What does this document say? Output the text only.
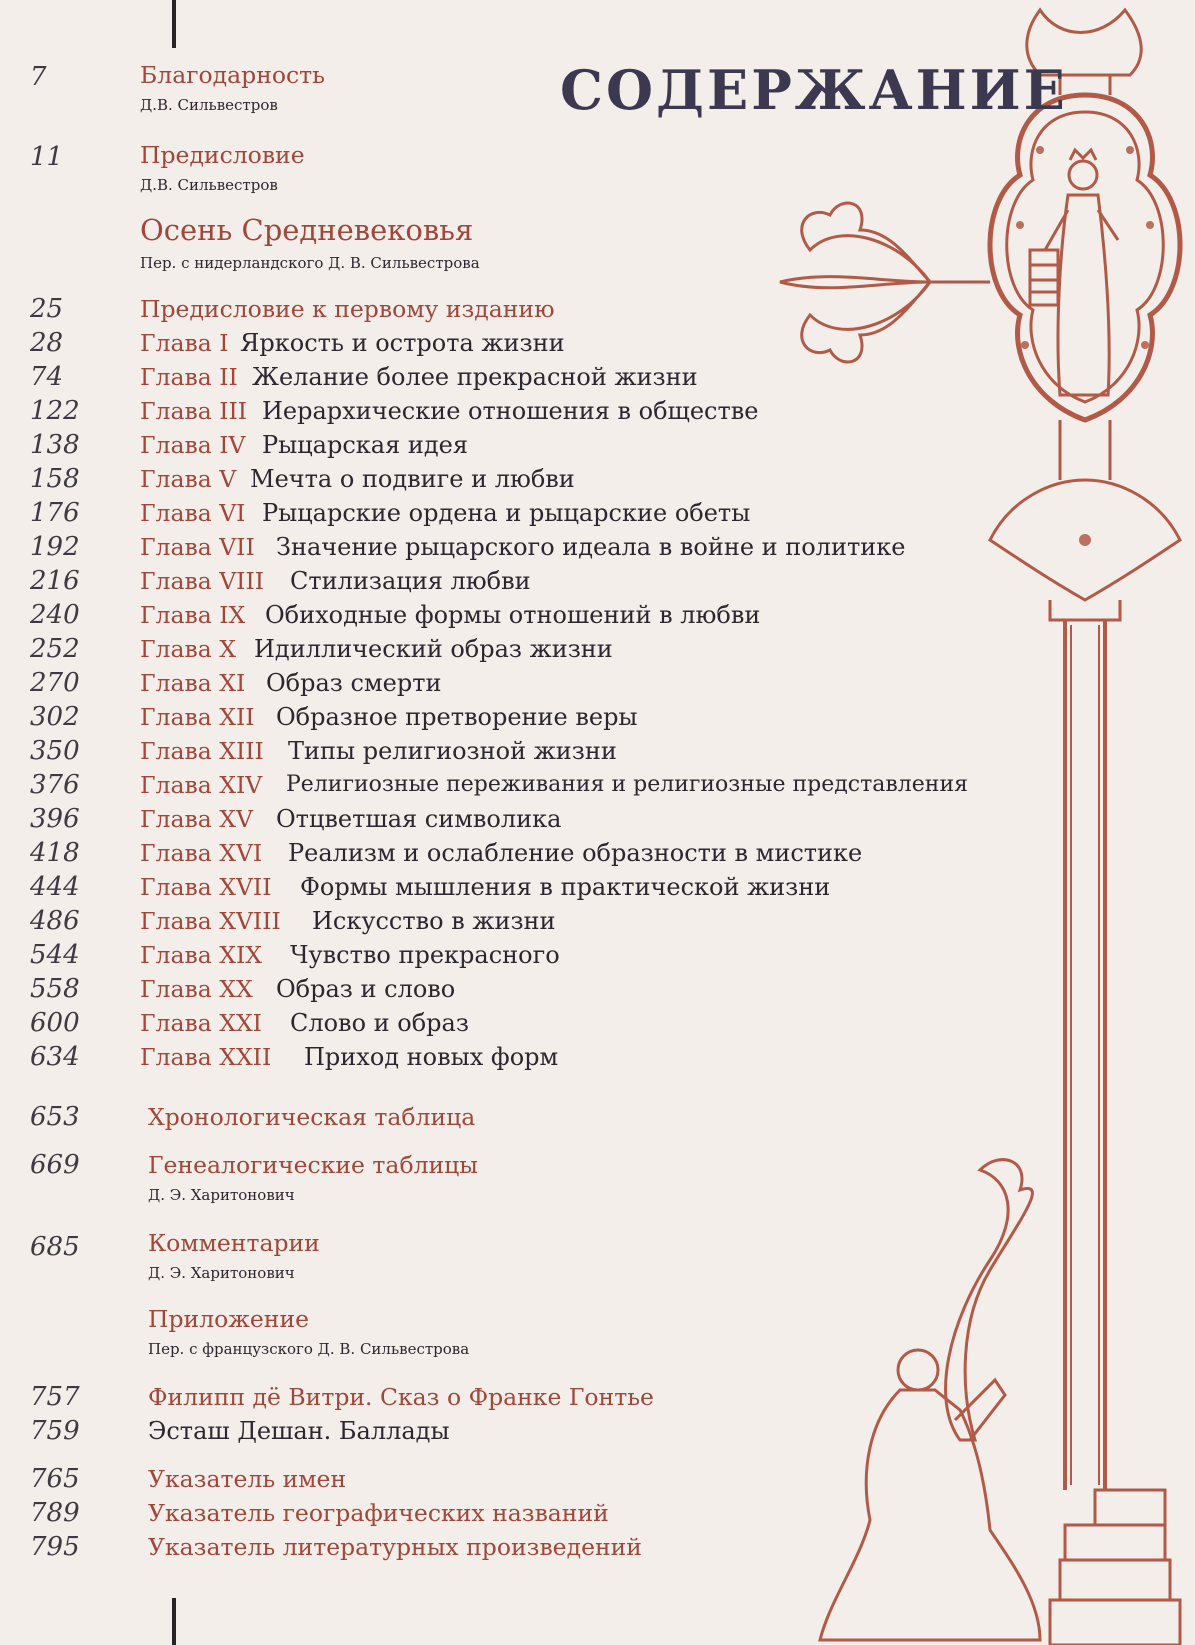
СОДЕРЖАНИЕ
7	Благодарность
Д.В. Сильвестров
11	Предисловие
Д.В. Сильвестров
Осень Средневековья
Пер. с нидерландского Д. В. Сильвестрова
25	Предисловие к первому изданию
28	Глава I Яркость и острота жизни
74	Глава II Желание более прекрасной жизни
122	Глава III Иерархические отношения в обществе
138	Глава IV Рыцарская идея
158	Глава V Мечта о подвиге и любви
176	Глава VI Рыцарские ордена и рыцарские обеты
192	Глава VII Значение рыцарского идеала в войне и политике
216	Глава VIII Стилизация любви
240	Глава IX Обиходные формы отношений в любви
252	Глава X Идиллический образ жизни
270	Глава XI Образ смерти
302	Глава XII Образное претворение веры
350	Глава XIII Типы религиозной жизни
376	Глава XIV Религиозные переживания и религиозные представления
396	Глава XV Отцветшая символика
418	Глава XVI Реализм и ослабление образности в мистике
444	Глава XVII Формы мышления в практической жизни
486	Глава XVIII Искусство в жизни
544	Глава XIX Чувство прекрасного
558	Глава XX Образ и слово
600	Глава XXI Слово и образ
634	Глава XXII Приход новых форм
653	Хронологическая таблица
669	Генеалогические таблицы
Д. Э. Харитонович
685	Комментарии
Д. Э. Харитонович
Приложение
Пер. с французского Д. В. Сильвестрова
757	Филипп дё Витри. Сказ о Франке Гонтье
759	Эсташ Дешан. Баллады
765	Указатель имен
789	Указатель географических названий
795	Указатель литературных произведений
